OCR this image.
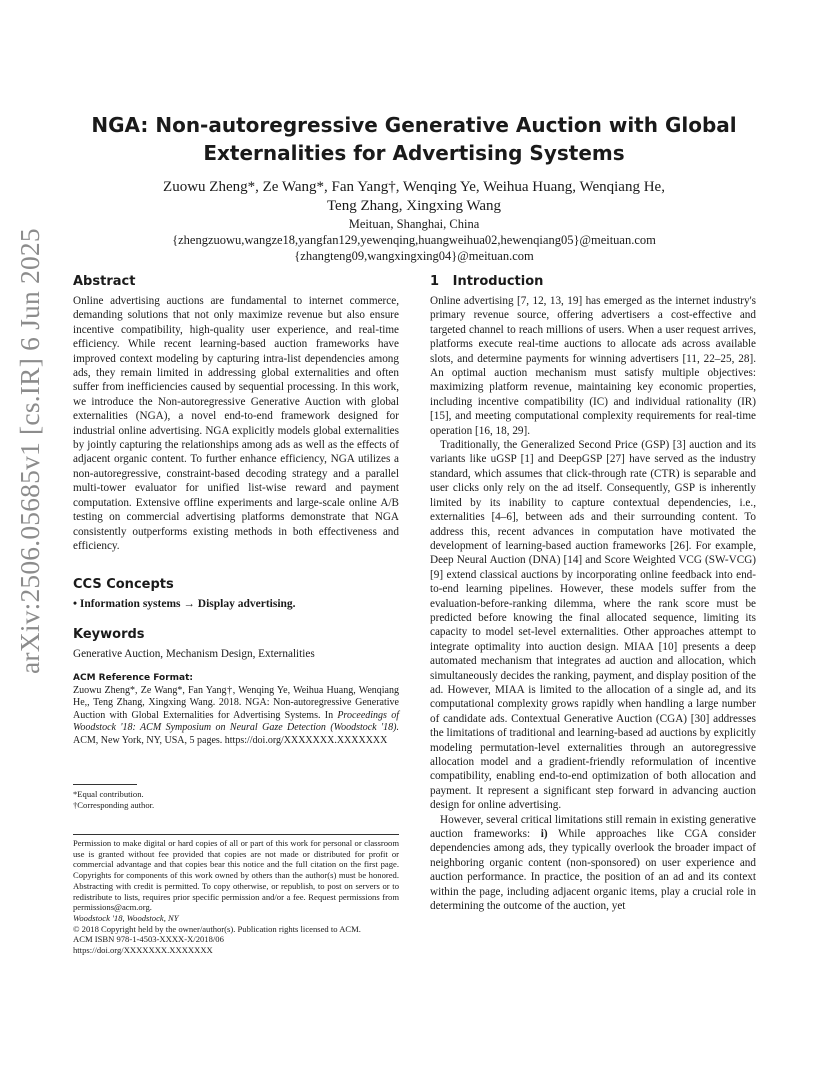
arXiv:2506.05685v1 [cs.IR] 6 Jun 2025
NGA: Non-autoregressive Generative Auction with Global Externalities for Advertising Systems
Zuowu Zheng*, Ze Wang*, Fan Yang†, Wenqing Ye, Weihua Huang, Wenqiang He,
Teng Zhang, Xingxing Wang
Meituan, Shanghai, China
{zhengzuowu,wangze18,yangfan129,yewenqing,huangweihua02,hewenqiang05}@meituan.com
{zhangteng09,wangxingxing04}@meituan.com
Abstract

Online advertising auctions are fundamental to internet commerce, demanding solutions that not only maximize revenue but also ensure incentive compatibility, high-quality user experience, and real-time efficiency. While recent learning-based auction frameworks have improved context modeling by capturing intra-list dependencies among ads, they remain limited in addressing global externalities and often suffer from inefficiencies caused by sequential processing. In this work, we introduce the Non-autoregressive Generative Auction with global externalities (NGA), a novel end-to-end framework designed for industrial online advertising. NGA explicitly models global externalities by jointly capturing the relationships among ads as well as the effects of adjacent organic content. To further enhance efficiency, NGA utilizes a non-autoregressive, constraint-based decoding strategy and a parallel multi-tower evaluator for unified list-wise reward and payment computation. Extensive offline experiments and large-scale online A/B testing on commercial advertising platforms demonstrate that NGA consistently outperforms existing methods in both effectiveness and efficiency.

CCS Concepts
• Information systems → Display advertising.
Keywords
Generative Auction, Mechanism Design, Externalities

ACM Reference Format:

Zuowu Zheng*, Ze Wang*, Fan Yang†, Wenqing Ye, Weihua Huang, Wenqiang He,, Teng Zhang, Xingxing Wang. 2018. NGA: Non-autoregressive Generative Auction with Global Externalities for Advertising Systems. In Proceedings of Woodstock '18: ACM Symposium on Neural Gaze Detection (Woodstock '18). ACM, New York, NY, USA, 5 pages. https://doi.org/XXXXXXX.XXXXXXX

*Equal contribution.
†Corresponding author.

Permission to make digital or hard copies of all or part of this work for personal or classroom use is granted without fee provided that copies are not made or distributed for profit or commercial advantage and that copies bear this notice and the full citation on the first page. Copyrights for components of this work owned by others than the author(s) must be honored. Abstracting with credit is permitted. To copy otherwise, or republish, to post on servers or to redistribute to lists, requires prior specific permission and/or a fee. Request permissions from permissions@acm.org.

Woodstock '18, Woodstock, NY

© 2018 Copyright held by the owner/author(s). Publication rights licensed to ACM.

ACM ISBN 978-1-4503-XXXX-X/2018/06

https://doi.org/XXXXXXX.XXXXXXX

1   Introduction

Online advertising [7, 12, 13, 19] has emerged as the internet industry's primary revenue source, offering advertisers a cost-effective and targeted channel to reach millions of users. When a user request arrives, platforms execute real-time auctions to allocate ads across available slots, and determine payments for winning advertisers [11, 22–25, 28]. An optimal auction mechanism must satisfy multiple objectives: maximizing platform revenue, maintaining key economic properties, including incentive compatibility (IC) and individual rationality (IR) [15], and meeting computational complexity requirements for real-time operation [16, 18, 29].

Traditionally, the Generalized Second Price (GSP) [3] auction and its variants like uGSP [1] and DeepGSP [27] have served as the industry standard, which assumes that click-through rate (CTR) is separable and user clicks only rely on the ad itself. Consequently, GSP is inherently limited by its inability to capture contextual dependencies, i.e., externalities [4–6], between ads and their surrounding content. To address this, recent advances in computation have motivated the development of learning-based auction frameworks [26]. For example, Deep Neural Auction (DNA) [14] and Score Weighted VCG (SW-VCG) [9] extend classical auctions by incorporating online feedback into end-to-end learning pipelines. However, these models suffer from the evaluation-before-ranking dilemma, where the rank score must be predicted before knowing the final allocated sequence, limiting its capacity to model set-level externalities. Other approaches attempt to integrate optimality into auction design. MIAA [10] presents a deep automated mechanism that integrates ad auction and allocation, which simultaneously decides the ranking, payment, and display position of the ad. However, MIAA is limited to the allocation of a single ad, and its computational complexity grows rapidly when handling a large number of candidate ads. Contextual Generative Auction (CGA) [30] addresses the limitations of traditional and learning-based ad auctions by explicitly modeling permutation-level externalities through an autoregressive allocation model and a gradient-friendly reformulation of incentive compatibility, enabling end-to-end optimization of both allocation and payment. It represent a significant step forward in advancing auction design for online advertising.

However, several critical limitations still remain in existing generative auction frameworks: i) While approaches like CGA consider dependencies among ads, they typically overlook the broader impact of neighboring organic content (non-sponsored) on user experience and auction performance. In practice, the position of an ad and its context within the page, including adjacent organic items, play a crucial role in determining the outcome of the auction, yet
